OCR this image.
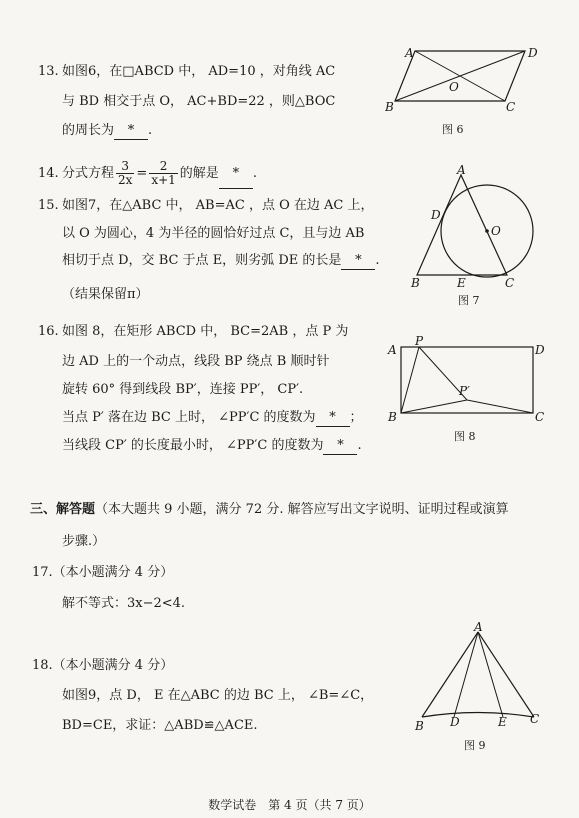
13. 如图6，在□ABCD 中， AD=10 ，对角线 AC
与 BD 相交于点 O， AC+BD=22 ，则△BOC
的周长为 * .
A	D
O
B	C
图 6
14. 分式方程 $\frac{3}{2x} = \frac{2}{x+1}$ 的解是 * .
15. 如图7，在△ABC 中， AB=AC ，点 O 在边 AC 上，
以 O 为圆心，4 为半径的圆恰好过点 C，且与边 AB
相切于点 D，交 BC 于点 E，则劣弧 DE 的长是 * .
（结果保留π）
A
D
O
B	E	C
图 7
16. 如图 8，在矩形 ABCD 中， BC=2AB ，点 P 为
边 AD 上的一个动点，线段 BP 绕点 B 顺时针
旋转 60° 得到线段 BP′，连接 PP′， CP′.
当点 P′ 落在边 BC 上时， ∠PP′C 的度数为 * ；
当线段 CP′ 的长度最小时， ∠PP′C 的度数为 * .
A
P
D
P′
B	C
图 8
三、解答题（本大题共 9 小题，满分 72 分. 解答应写出文字说明、证明过程或演算
步骤.）
17.（本小题满分 4 分）
解不等式：3x−2<4.
18.（本小题满分 4 分）
如图9，点 D， E 在△ABC 的边 BC 上， ∠B=∠C，
BD=CE，求证：△ABD≌△ACE.
A
B D	E C
图 9
数学试卷　第 4 页（共 7 页）
